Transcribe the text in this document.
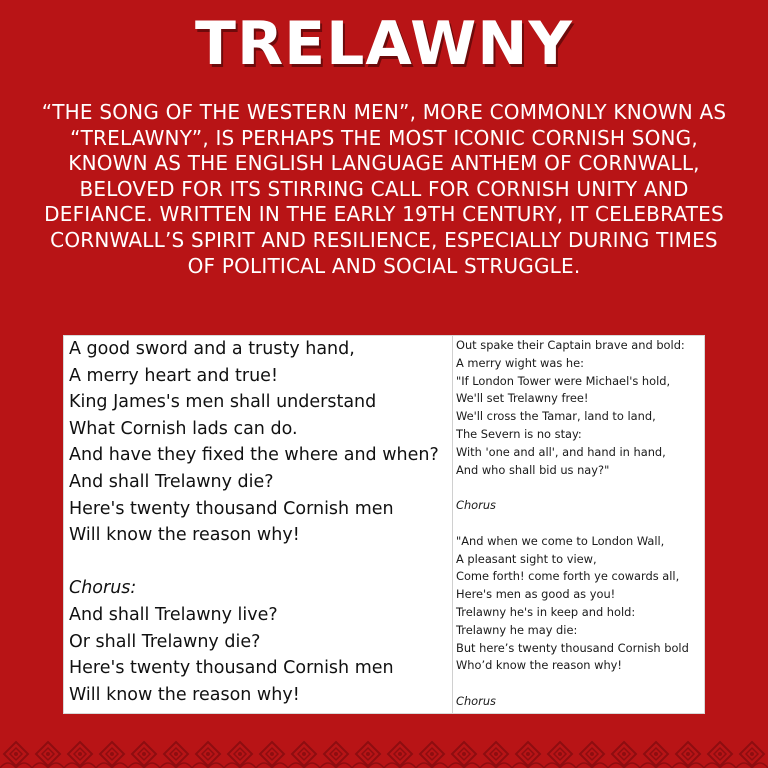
TRELAWNY
“THE SONG OF THE WESTERN MEN”, MORE COMMONLY KNOWN AS “TRELAWNY”, IS PERHAPS THE MOST ICONIC CORNISH SONG, KNOWN AS THE ENGLISH LANGUAGE ANTHEM OF CORNWALL, BELOVED FOR ITS STIRRING CALL FOR CORNISH UNITY AND DEFIANCE. WRITTEN IN THE EARLY 19TH CENTURY, IT CELEBRATES CORNWALL’S SPIRIT AND RESILIENCE, ESPECIALLY DURING TIMES OF POLITICAL AND SOCIAL STRUGGLE.
A good sword and a trusty hand,
A merry heart and true!
King James's men shall understand
What Cornish lads can do.
And have they fixed the where and when?
And shall Trelawny die?
Here's twenty thousand Cornish men
Will know the reason why!
Chorus:
And shall Trelawny live?
Or shall Trelawny die?
Here's twenty thousand Cornish men
Will know the reason why!
Out spake their Captain brave and bold:
A merry wight was he:
"If London Tower were Michael's hold,
We'll set Trelawny free!
We'll cross the Tamar, land to land,
The Severn is no stay:
With 'one and all', and hand in hand,
And who shall bid us nay?"
Chorus
"And when we come to London Wall,
A pleasant sight to view,
Come forth! come forth ye cowards all,
Here's men as good as you!
Trelawny he's in keep and hold:
Trelawny he may die:
But here’s twenty thousand Cornish bold
Who’d know the reason why!
Chorus
